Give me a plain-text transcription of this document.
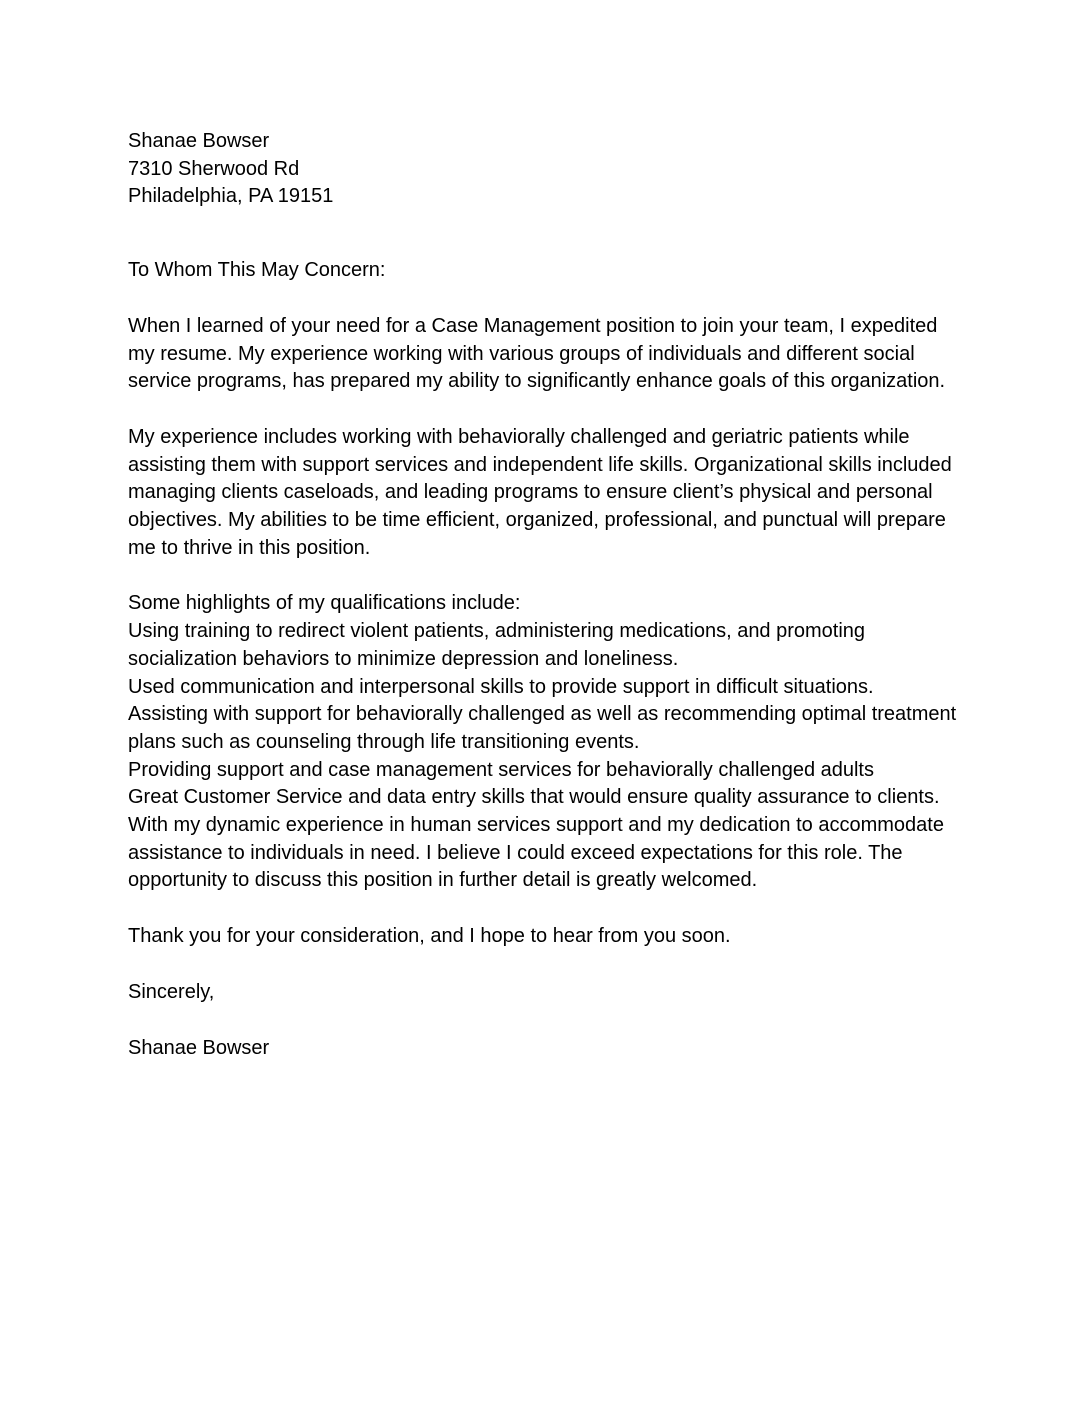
Shanae Bowser
7310 Sherwood Rd
Philadelphia, PA 19151
To Whom This May Concern:
When I learned of your need for a Case Management position to join your team, I expedited my resume. My experience working with various groups of individuals and different social service programs, has prepared my ability to significantly enhance goals of this organization.
My experience includes working with behaviorally challenged and geriatric patients while assisting them with support services and independent life skills. Organizational skills included managing clients caseloads, and leading programs to ensure client’s physical and personal objectives. My abilities to be time efficient, organized, professional, and punctual will prepare me to thrive in this position.
Some highlights of my qualifications include:
Using training to redirect violent patients, administering medications, and promoting socialization behaviors to minimize depression and loneliness.
Used communication and interpersonal skills to provide support in difficult situations.
Assisting with support for behaviorally challenged as well as recommending optimal treatment plans such as counseling through life transitioning events.
Providing support and case management services for behaviorally challenged adults
Great Customer Service and data entry skills that would ensure quality assurance to clients.
With my dynamic experience in human services support and my dedication to accommodate assistance to individuals in need. I believe I could exceed expectations for this role. The opportunity to discuss this position in further detail is greatly welcomed.
Thank you for your consideration, and I hope to hear from you soon.
Sincerely,
Shanae Bowser
